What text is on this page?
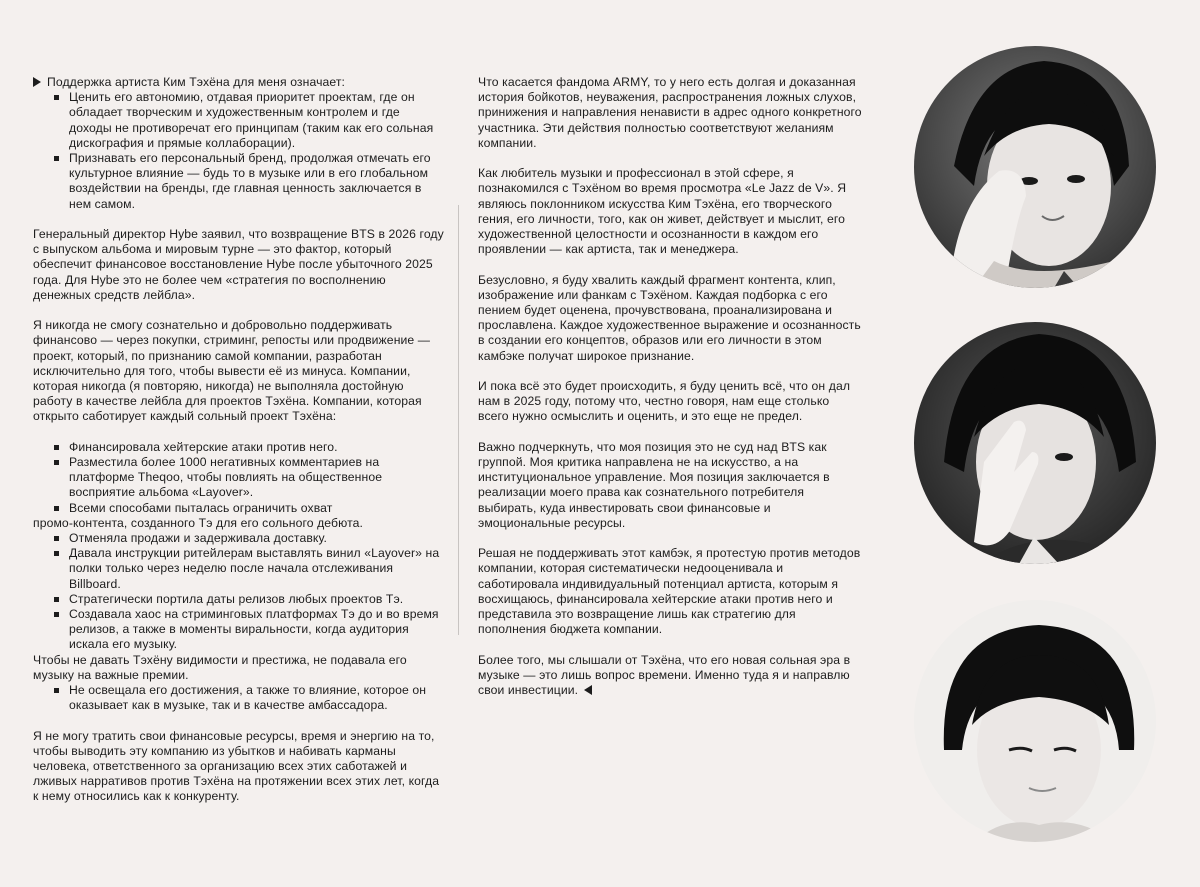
Поддержка артиста Ким Тэхёна для меня означает:

Ценить его автономию, отдавая приоритет проектам, где он обладает творческим и художественным контролем и где доходы не противоречат его принципам (таким как его сольная дискография и прямые коллаборации).

Признавать его персональный бренд, продолжая отмечать его культурное влияние — будь то в музыке или в его глобальном воздействии на бренды, где главная ценность заключается в нем самом.

Генеральный директор Hybe заявил, что возвращение BTS в 2026 году с выпуском альбома и мировым турне — это фактор, который обеспечит финансовое восстановление Hybe после убыточного 2025 года. Для Hybe это не более чем «стратегия по восполнению денежных средств лейбла».

Я никогда не смогу сознательно и добровольно поддерживать финансово — через покупки, стриминг, репосты или продвижение — проект, который, по признанию самой компании, разработан исключительно для того, чтобы вывести её из минуса. Компании, которая никогда (я повторяю, никогда) не выполняла достойную работу в качестве лейбла для проектов Тэхёна. Компании, которая открыто саботирует каждый сольный проект Тэхёна:

Финансировала хейтерские атаки против него.

Разместила более 1000 негативных комментариев на платформе Theqoo, чтобы повлиять на общественное восприятие альбома «Layover».

Всеми способами пыталась ограничить охват

промо-контента, созданного Тэ для его сольного дебюта.

Отменяла продажи и задерживала доставку.

Давала инструкции ритейлерам выставлять винил «Layover» на полки только через неделю после начала отслеживания Billboard.

Стратегически портила даты релизов любых проектов Тэ.

Создавала хаос на стриминговых платформах Тэ до и во время релизов, а также в моменты виральности, когда аудитория искала его музыку.

Чтобы не давать Тэхёну видимости и престижа, не подавала его музыку на важные премии.

Не освещала его достижения, а также то влияние, которое он оказывает как в музыке, так и в качестве амбассадора.

Я не могу тратить свои финансовые ресурсы, время и энергию на то, чтобы выводить эту компанию из убытков и набивать карманы человека, ответственного за организацию всех этих саботажей и лживых нарративов против Тэхёна на протяжении всех этих лет, когда к нему относились как к конкуренту.

Что касается фандома ARMY, то у него есть долгая и доказанная история бойкотов, неуважения, распространения ложных слухов, принижения и направления ненависти в адрес одного конкретного участника. Эти действия полностью соответствуют желаниям компании.

Как любитель музыки и профессионал в этой сфере, я познакомился с Тэхёном во время просмотра «Le Jazz de V». Я являюсь поклонником искусства Ким Тэхёна, его творческого гения, его личности, того, как он живет, действует и мыслит, его художественной целостности и осознанности в каждом его проявлении — как артиста, так и менеджера.

Безусловно, я буду хвалить каждый фрагмент контента, клип, изображение или фанкам с Тэхёном. Каждая подборка с его пением будет оценена, прочувствована, проанализирована и прославлена. Каждое художественное выражение и осознанность в создании его концептов, образов или его личности в этом камбэке получат широкое признание.

И пока всё это будет происходить, я буду ценить всё, что он дал нам в 2025 году, потому что, честно говоря, нам еще столько всего нужно осмыслить и оценить, и это еще не предел.

Важно подчеркнуть, что моя позиция это не суд над BTS как группой. Моя критика направлена не на искусство, а на институциональное управление. Моя позиция заключается в реализации моего права как сознательного потребителя выбирать, куда инвестировать свои финансовые и эмоциональные ресурсы.

Решая не поддерживать этот камбэк, я протестую против методов компании, которая систематически недооценивала и саботировала индивидуальный потенциал артиста, которым я восхищаюсь, финансировала хейтерские атаки против него и представила это возвращение лишь как стратегию для пополнения бюджета компании.

Более того, мы слышали от Тэхёна, что его новая сольная эра в музыке — это лишь вопрос времени. Именно туда я и направлю свои инвестиции.
